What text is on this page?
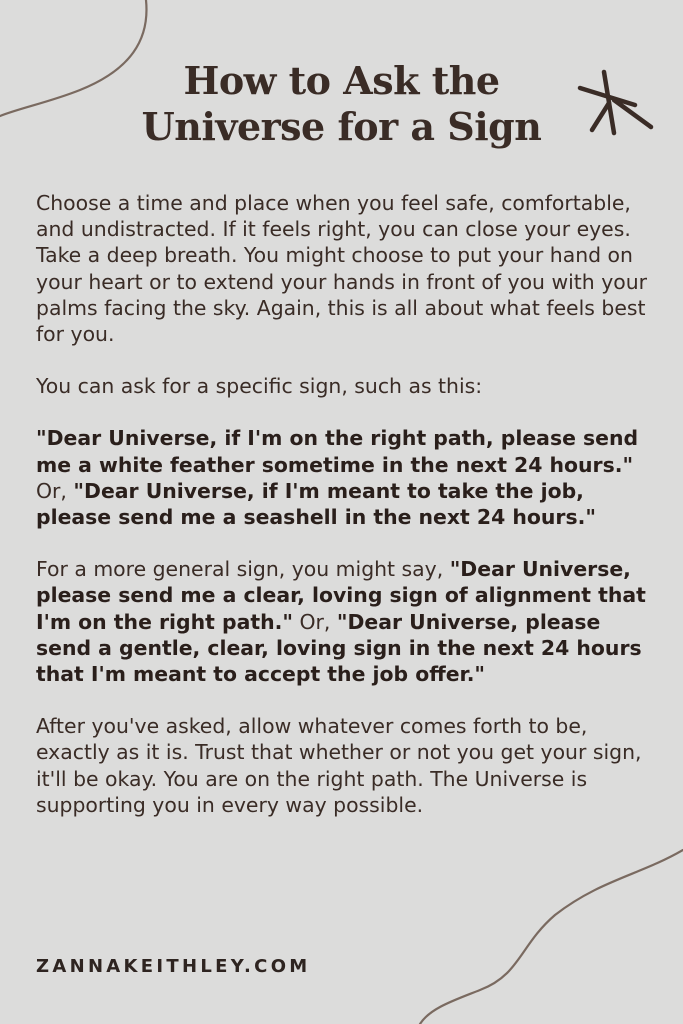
How to Ask the
Universe for a Sign

Choose a time and place when you feel safe, comfortable, and undistracted. If it feels right, you can close your eyes. Take a deep breath. You might choose to put your hand on your heart or to extend your hands in front of you with your palms facing the sky. Again, this is all about what feels best for you.

You can ask for a specific sign, such as this:

"Dear Universe, if I'm on the right path, please send me a white feather sometime in the next 24 hours." Or, "Dear Universe, if I'm meant to take the job, please send me a seashell in the next 24 hours."

For a more general sign, you might say, "Dear Universe, please send me a clear, loving sign of alignment that I'm on the right path." Or, "Dear Universe, please send a gentle, clear, loving sign in the next 24 hours that I'm meant to accept the job offer."

After you've asked, allow whatever comes forth to be, exactly as it is. Trust that whether or not you get your sign, it'll be okay. You are on the right path. The Universe is supporting you in every way possible.

ZANNAKEITHLEY.COM
